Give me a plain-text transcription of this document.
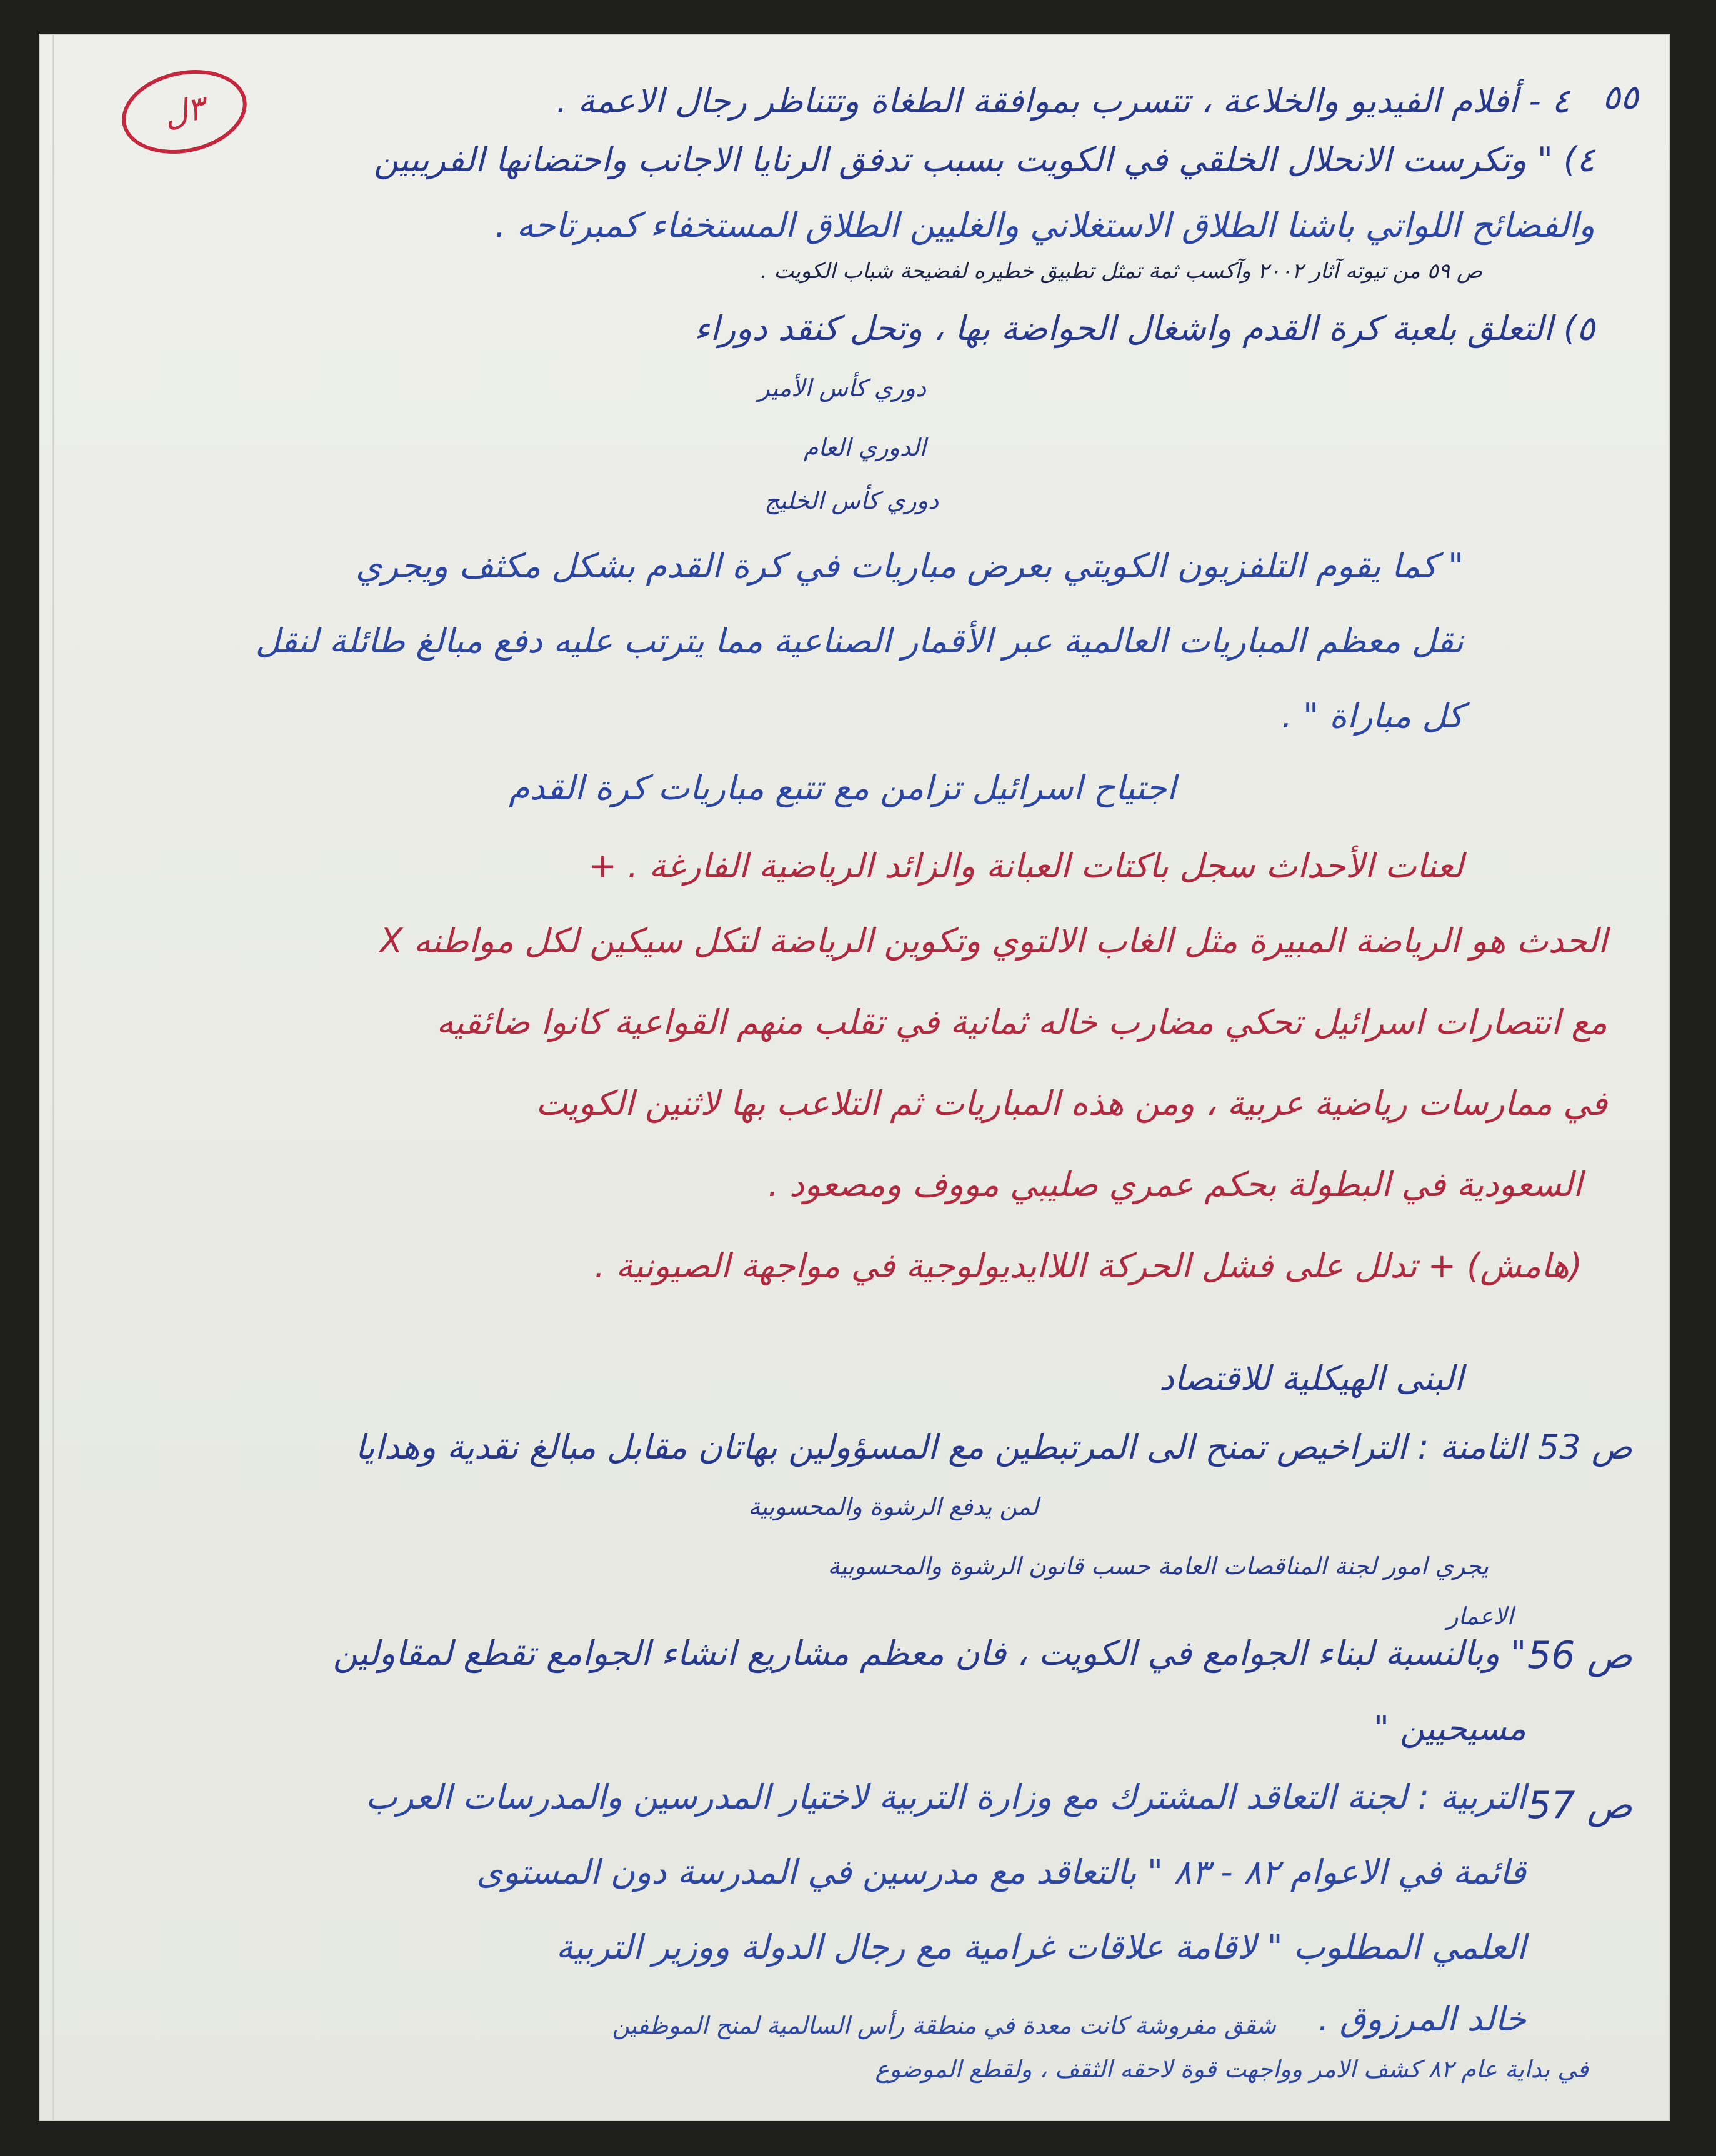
٣ل	٥٥
٤ - أفلام الفيديو والخلاعة ، تتسرب بموافقة الطغاة وتتناظر رجال الاعمة .
٤) " وتكرست الانحلال الخلقي في الكويت بسبب تدفق الرنايا الاجانب واحتضانها الفريبين
والفضائح اللواتي باشنا الطلاق الاستغلاني والغليين الطلاق المستخفاء كمبرتاحه .
ص ٥٩ من تيوته آثار ٢٠٠٢ وآكسب ثمة تمثل تطبيق خطيره لفضيحة شباب الكويت .
٥) التعلق بلعبة كرة القدم واشغال الحواضة بها ، وتحل كنقد دوراء
دوري كأس الأمير
الدوري العام
دوري كأس الخليج
" كما يقوم التلفزيون الكويتي بعرض مباريات في كرة القدم بشكل مكثف ويجري
نقل معظم المباريات العالمية عبر الأقمار الصناعية مما يترتب عليه دفع مبالغ طائلة لنقل
كل مباراة " .
اجتياح اسرائيل تزامن مع تتبع مباريات كرة القدم
لعنات الأحداث سجل باكتات العبانة والزائد الرياضية الفارغة . +
الحدث هو الرياضة المبيرة مثل الغاب الالتوي وتكوين الرياضة لتكل سيكين لكل مواطنه X
مع انتصارات اسرائيل تحكي مضارب خاله ثمانية في تقلب منهم القواعية كانوا ضائقيه
في ممارسات رياضية عربية ، ومن هذه المباريات ثم التلاعب بها لاثنين الكويت
السعودية في البطولة بحكم عمري صليبي مووف ومصعود .
(هامش) + تدلل على فشل الحركة اللاايديولوجية في مواجهة الصيونية .
البنى الهيكلية للاقتصاد
ص 53
الثامنة : التراخيص تمنح الى المرتبطين مع المسؤولين بهاتان مقابل مبالغ نقدية وهدايا
لمن يدفع الرشوة والمحسوبية
يجري امور لجنة المناقصات العامة حسب قانون الرشوة والمحسوبية
الاعمار
ص 56
" وبالنسبة لبناء الجوامع في الكويت ، فان معظم مشاريع انشاء الجوامع تقطع لمقاولين
مسيحيين "
ص 57
التربية : لجنة التعاقد المشترك مع وزارة التربية لاختيار المدرسين والمدرسات العرب
قائمة في الاعوام ٨٢ - ٨٣ " بالتعاقد مع مدرسين في المدرسة دون المستوى
العلمي المطلوب " لاقامة علاقات غرامية مع رجال الدولة ووزير التربية
خالد المرزوق .
شقق مفروشة كانت معدة في منطقة رأس السالمية لمنح الموظفين
في بداية عام ٨٢ كشف الامر وواجهت قوة لاحقه الثقف ، ولقطع الموضوع
